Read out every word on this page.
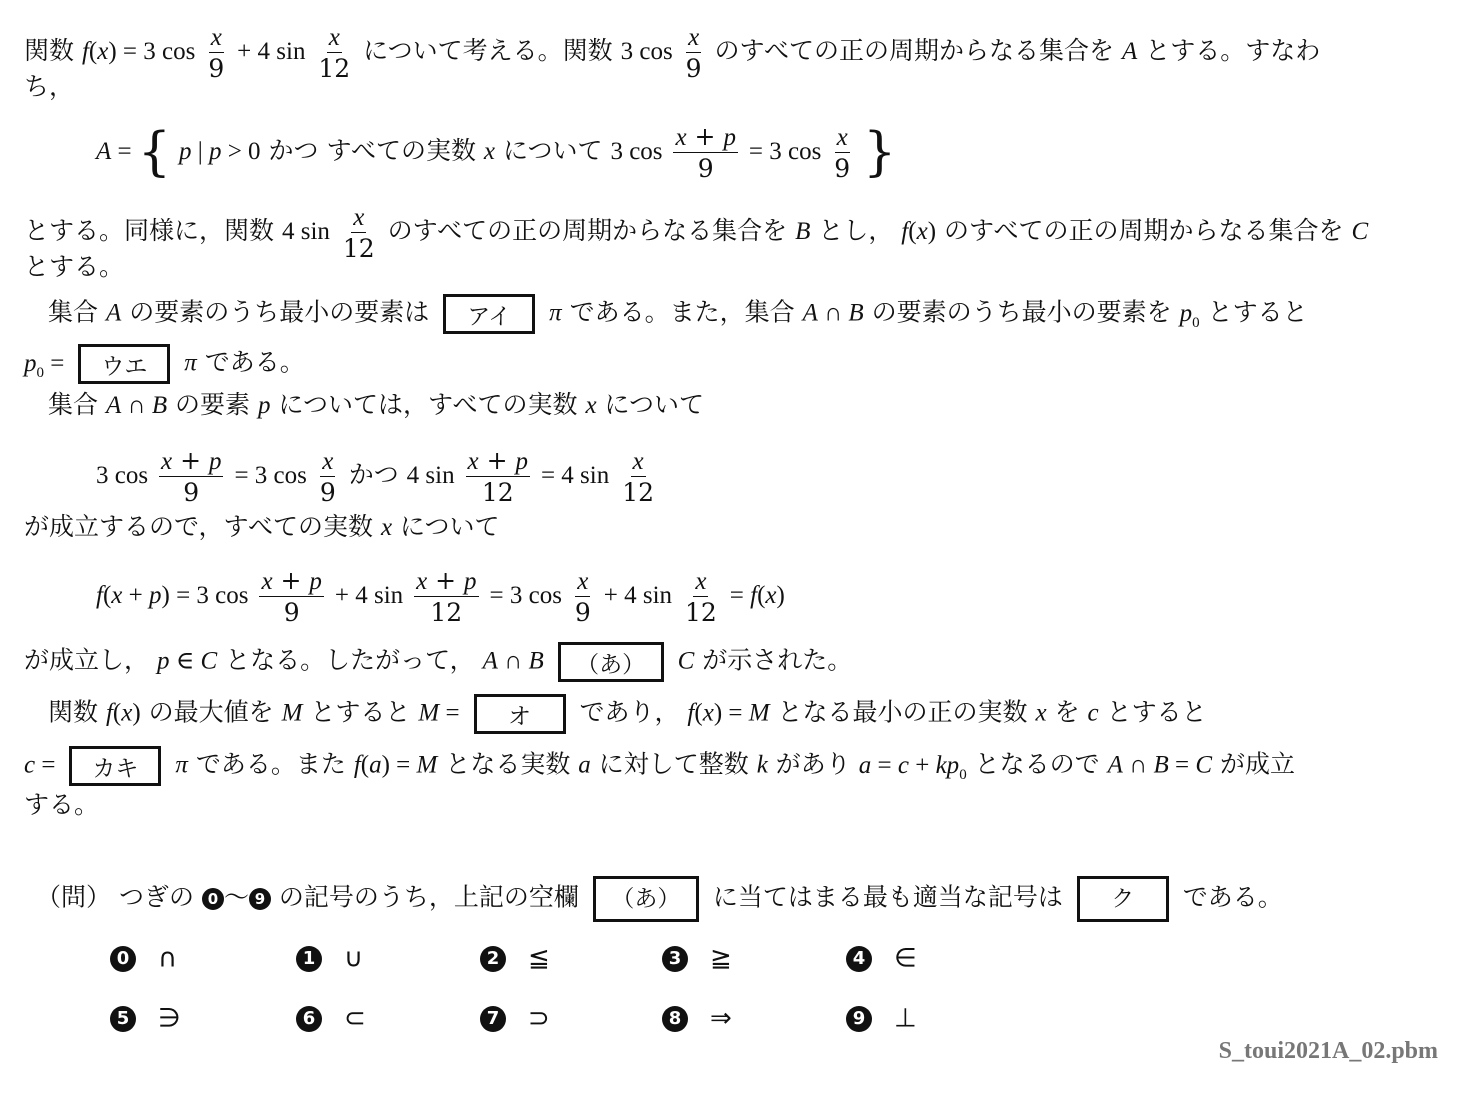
関数 f(x) = 3 $\cos \frac{x}{9} + 4$ $\sin \frac{x}{12}$ について考える。関数 3 $\cos \frac{x}{9}$ のすべての正の周期からなる集合を A とする。すなわ
ち，
A = { p | p > 0 かつ すべての実数 x について 3 $\cos \frac{x + p}{9} = 3$ $\cos \frac{x}{9}$ }
とする。同様に，関数 4 $\sin \frac{x}{12}$ のすべての正の周期からなる集合を B とし， f(x) のすべての正の周期からなる集合を C
とする。
集合 A の要素のうち最小の要素は アイ π である。また，集合 A ∩ B の要素のうち最小の要素を $p_0$ とすると
$p_0$ = ウエ π である。
集合 A ∩ B の要素 p については，すべての実数 x について
3 $\cos \frac{x + p}{9} = 3$ $\cos \frac{x}{9}$ かつ 4 $\sin \frac{x + p}{12} = 4$ $\sin \frac{x}{12}$
が成立するので，すべての実数 x について
f(x + p) = 3 $\cos \frac{x + p}{9} + 4$ $\sin \frac{x + p}{12} = 3$ $\cos \frac{x}{9} + 4$ $\sin \frac{x}{12} = f(x)$
が成立し， p ∈ C となる。したがって， A ∩ B （あ） C が示された。
関数 f(x) の最大値を M とすると M = オ であり， f(x) = M となる最小の正の実数 x を c とすると
c = カキ π である。また f(a) = M となる実数 a に対して整数 k があり $a = c + kp_0$ となるので A ∩ B = C が成立
する。
（問） つぎの 0 ～ 9 の記号のうち，上記の空欄 （あ） に当てはまる最も適当な記号は ク である。
0 ∩	1 ∪	2 ≦	3 ≧	4 ∈
5 ∋	6 ⊂	7 ⊃	8 ⇒	9 ⊥
S_toui2021A_02.pbm
